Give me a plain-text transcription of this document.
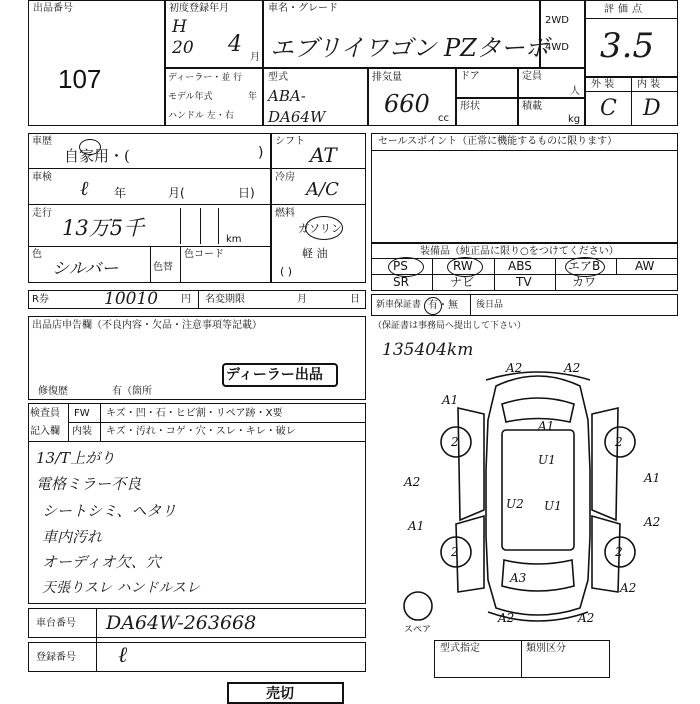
出品番号
107
初度登録年月
H
20 4
月
車名・グレード
エブリイワゴン PZターボ
2WD
4WD
評価点
3.5
ディーラー・並 行
モデル年式	年
ハンドル 左・右
型式
ABA- DA64W
排気量
660
cc
ドア
形状
定員
人
積載
kg
外 装 内 装
C D
車歴
自家用・(	)
車検 ℓ 年	月(	日)
走行
13万5千	km
色
シルバー	色替
色コード
シフト
AT
冷房
A/C
燃料
ガソリン
軽 油
( )
R券	10010 円 名変期限	月	日
出品店申告欄（不良内容・欠品・注意事項等記載）
修復歴	有（箇所
ディーラー出品
検査員
記入欄
FW キズ・凹・石・ヒビ割・リペア跡・X要
内装 キズ・汚れ・コゲ・穴・スレ・キレ・破レ
13/T上がり
電格ミラー不良
シートシミ、ヘタリ
車内汚れ
オーディオ欠、穴
天張りスレ ハンドルスレ
セールスポイント（正常に機能するものに限ります）
装備品（純正品に限り○をつけてください）
PS	RW	ABS	エアB	AW
SR	ナビ	TV	カワ
新車保証書 有・無 後日品
（保証書は事務局へ提出して下さい）
135404km
A2	A2
A1
A1
2	2
A2
U1
U2 U1
A1	A2
A1
2	2
A3
A2
A2	A2
スペア
車台番号 DA64W-263668
登録番号 ℓ	型式指定	類別区分
売切
